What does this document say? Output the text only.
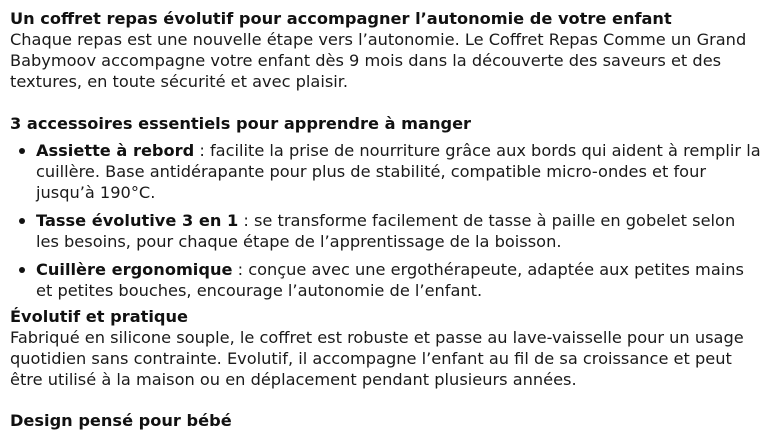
Un coffret repas évolutif pour accompagner l’autonomie de votre enfant

Chaque repas est une nouvelle étape vers l’autonomie. Le Coffret Repas Comme un Grand Babymoov accompagne votre enfant dès 9 mois dans la découverte des saveurs et des textures, en toute sécurité et avec plaisir.

3 accessoires essentiels pour apprendre à manger
Assiette à rebord : facilite la prise de nourriture grâce aux bords qui aident à remplir la cuillère. Base antidérapante pour plus de stabilité, compatible micro-ondes et four jusqu’à 190°C.
Tasse évolutive 3 en 1 : se transforme facilement de tasse à paille en gobelet selon les besoins, pour chaque étape de l’apprentissage de la boisson.
Cuillère ergonomique : conçue avec une ergothérapeute, adaptée aux petites mains et petites bouches, encourage l’autonomie de l’enfant.
Évolutif et pratique

Fabriqué en silicone souple, le coffret est robuste et passe au lave-vaisselle pour un usage quotidien sans contrainte. Evolutif, il accompagne l’enfant au fil de sa croissance et peut être utilisé à la maison ou en déplacement pendant plusieurs années.

Design pensé pour bébé
